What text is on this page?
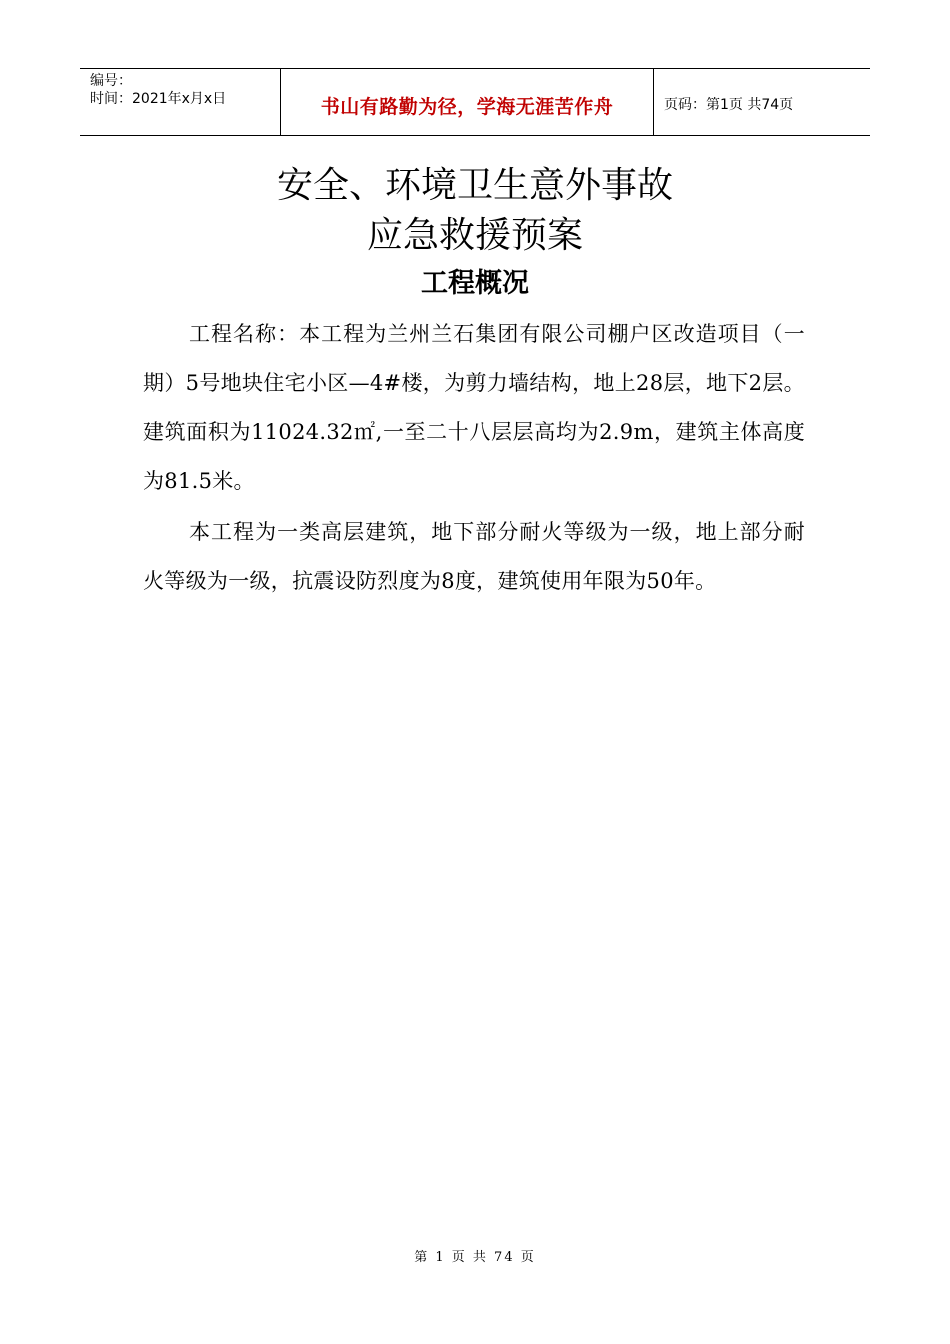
编号：
时间：2021年x月x日	书山有路勤为径，学海无涯苦作舟	页码：第1页 共74页
安全、环境卫生意外事故
应急救援预案
工程概况
工程名称：本工程为兰州兰石集团有限公司棚户区改造项目（一期）5号地块住宅小区—4#楼，为剪力墙结构，地上28层，地下2层。建筑面积为11024.32㎡,一至二十八层层高均为2.9m，建筑主体高度为81.5米。
本工程为一类高层建筑，地下部分耐火等级为一级，地上部分耐火等级为一级，抗震设防烈度为8度，建筑使用年限为50年。
第 1 页 共 74 页
